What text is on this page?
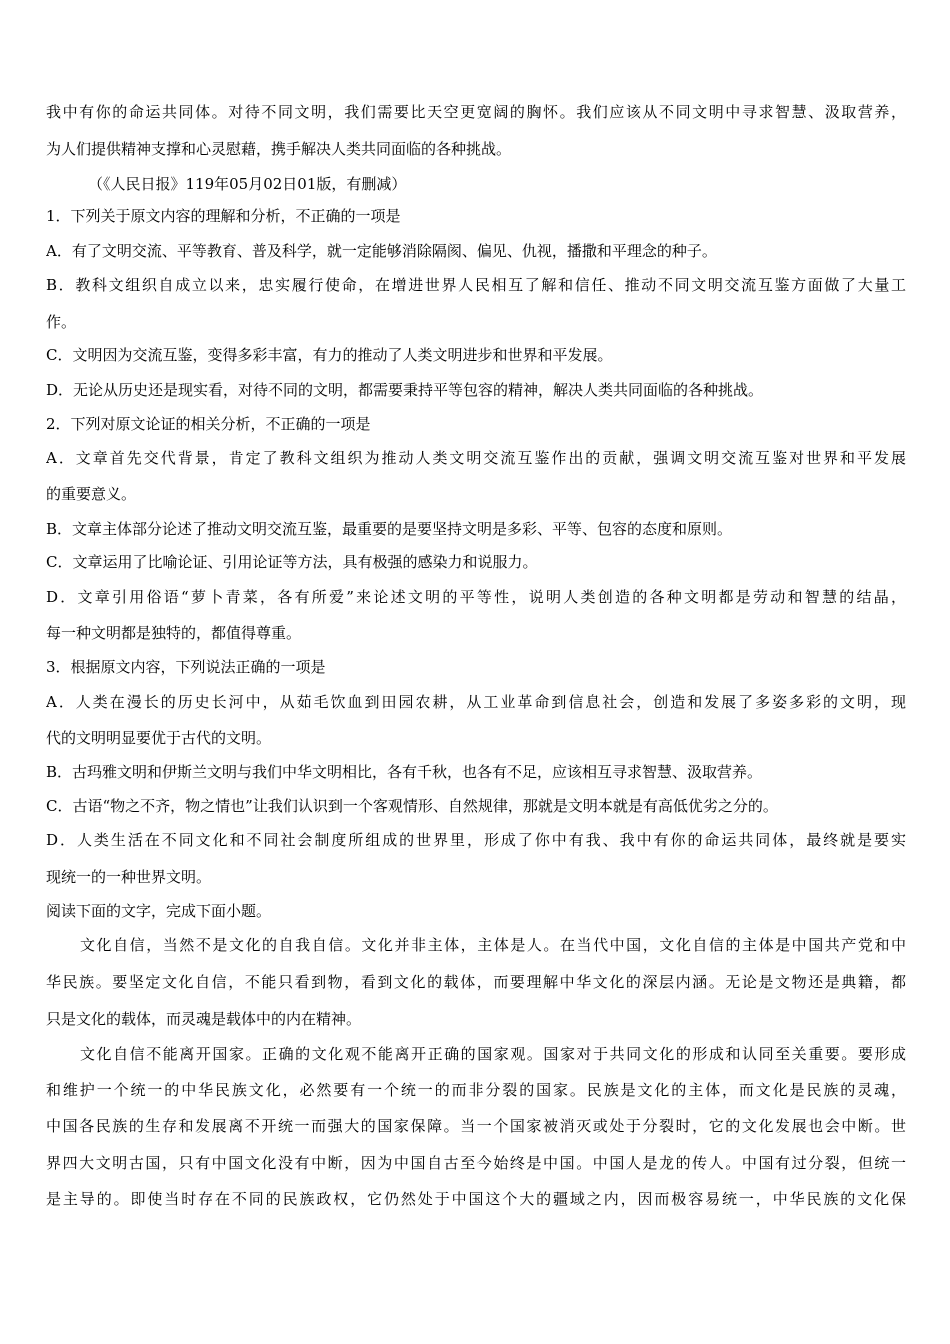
我中有你的命运共同体。对待不同文明，我们需要比天空更宽阔的胸怀。我们应该从不同文明中寻求智慧、汲取营养，
为人们提供精神支撑和心灵慰藉，携手解决人类共同面临的各种挑战。
（《人民日报》119年05月02日01版，有删减）
1．下列关于原文内容的理解和分析，不正确的一项是
A．有了文明交流、平等教育、普及科学，就一定能够消除隔阂、偏见、仇视，播撒和平理念的种子。
B．教科文组织自成立以来，忠实履行使命，在增进世界人民相互了解和信任、推动不同文明交流互鉴方面做了大量工
作。
C．文明因为交流互鉴，变得多彩丰富，有力的推动了人类文明进步和世界和平发展。
D．无论从历史还是现实看，对待不同的文明，都需要秉持平等包容的精神，解决人类共同面临的各种挑战。
2．下列对原文论证的相关分析，不正确的一项是
A．文章首先交代背景，肯定了教科文组织为推动人类文明交流互鉴作出的贡献，强调文明交流互鉴对世界和平发展
的重要意义。
B．文章主体部分论述了推动文明交流互鉴，最重要的是要坚持文明是多彩、平等、包容的态度和原则。
C．文章运用了比喻论证、引用论证等方法，具有极强的感染力和说服力。
D．文章引用俗语“萝卜青菜，各有所爱”来论述文明的平等性，说明人类创造的各种文明都是劳动和智慧的结晶，
每一种文明都是独特的，都值得尊重。
3．根据原文内容，下列说法正确的一项是
A．人类在漫长的历史长河中，从茹毛饮血到田园农耕，从工业革命到信息社会，创造和发展了多姿多彩的文明，现
代的文明明显要优于古代的文明。
B．古玛雅文明和伊斯兰文明与我们中华文明相比，各有千秋，也各有不足，应该相互寻求智慧、汲取营养。
C．古语“物之不齐，物之情也”让我们认识到一个客观情形、自然规律，那就是文明本就是有高低优劣之分的。
D．人类生活在不同文化和不同社会制度所组成的世界里，形成了你中有我、我中有你的命运共同体，最终就是要实
现统一的一种世界文明。
阅读下面的文字，完成下面小题。
文化自信，当然不是文化的自我自信。文化并非主体，主体是人。在当代中国，文化自信的主体是中国共产党和中
华民族。要坚定文化自信，不能只看到物，看到文化的载体，而要理解中华文化的深层内涵。无论是文物还是典籍，都
只是文化的载体，而灵魂是载体中的内在精神。
文化自信不能离开国家。正确的文化观不能离开正确的国家观。国家对于共同文化的形成和认同至关重要。要形成
和维护一个统一的中华民族文化，必然要有一个统一的而非分裂的国家。民族是文化的主体，而文化是民族的灵魂，
中国各民族的生存和发展离不开统一而强大的国家保障。当一个国家被消灭或处于分裂时，它的文化发展也会中断。世
界四大文明古国，只有中国文化没有中断，因为中国自古至今始终是中国。中国人是龙的传人。中国有过分裂，但统一
是主导的。即使当时存在不同的民族政权，它仍然处于中国这个大的疆域之内，因而极容易统一，中华民族的文化保
